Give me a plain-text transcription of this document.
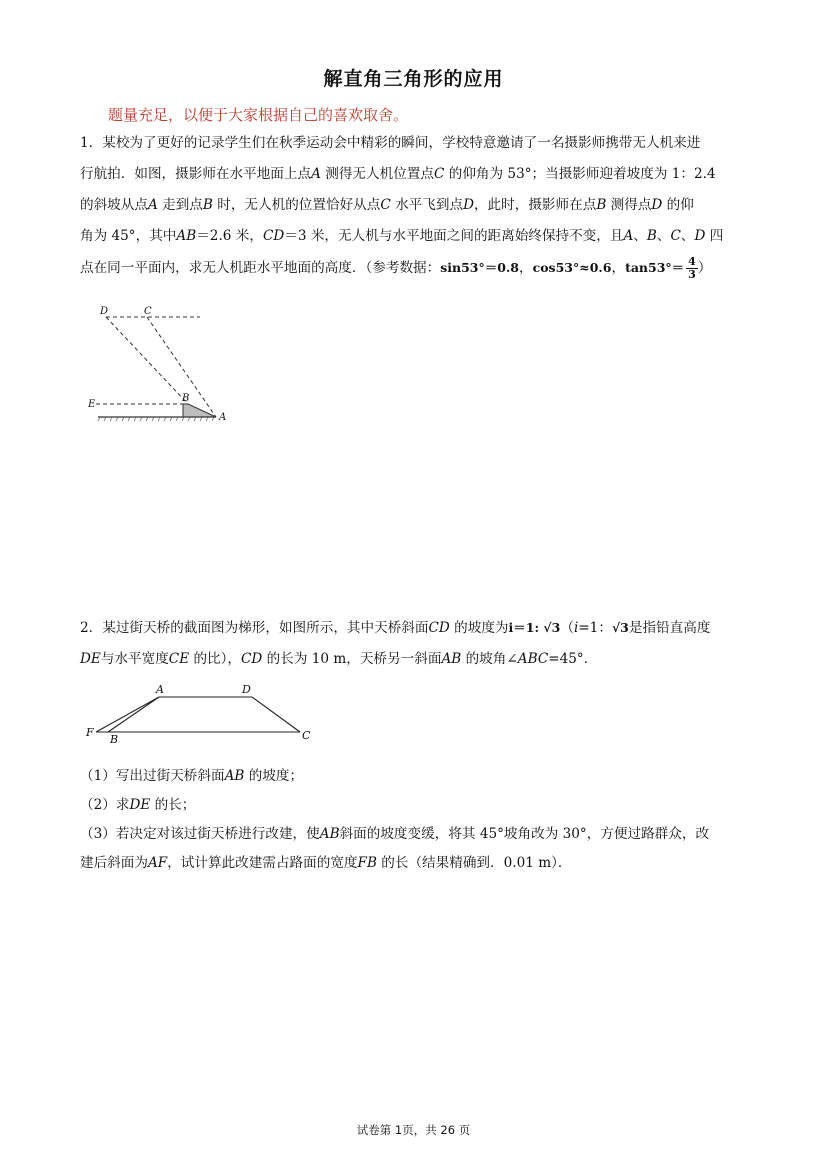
解直角三角形的应用
题量充足，以便于大家根据自己的喜欢取舍。
1．某校为了更好的记录学生们在秋季运动会中精彩的瞬间，学校特意邀请了一名摄影师携带无人机来进
行航拍．如图，摄影师在水平地面上点A 测得无人机位置点C 的仰角为 53°；当摄影师迎着坡度为 1：2.4
的斜坡从点A 走到点B 时，无人机的位置恰好从点C 水平飞到点D，此时，摄影师在点B 测得点D 的仰
角为 45°，其中AB＝2.6 米，CD＝3 米，无人机与水平地面之间的距离始终保持不变，且A、B、C、D 四
点在同一平面内，求无人机距水平地面的高度．（参考数据：sin53°＝0.8，cos53°≈0.6，$\tan 53^\circ= \frac{4}{3}$ ）
D	C
E
B
A
2．某过街天桥的截面图为梯形，如图所示，其中天桥斜面CD 的坡度为i＝1: √3（i=1：√3是指铅直高度
DE与水平宽度CE 的比），CD 的长为 10 m，天桥另一斜面AB 的坡角∠ABC=45°．
A	D
F
B	C
（1）写出过街天桥斜面AB 的坡度；
（2）求DE 的长；
（3）若决定对该过街天桥进行改建，使AB斜面的坡度变缓，将其 45°坡角改为 30°，方便过路群众，改
建后斜面为AF，试计算此改建需占路面的宽度FB 的长（结果精确到．0.01 m）．
试卷第 1页，共 26 页
